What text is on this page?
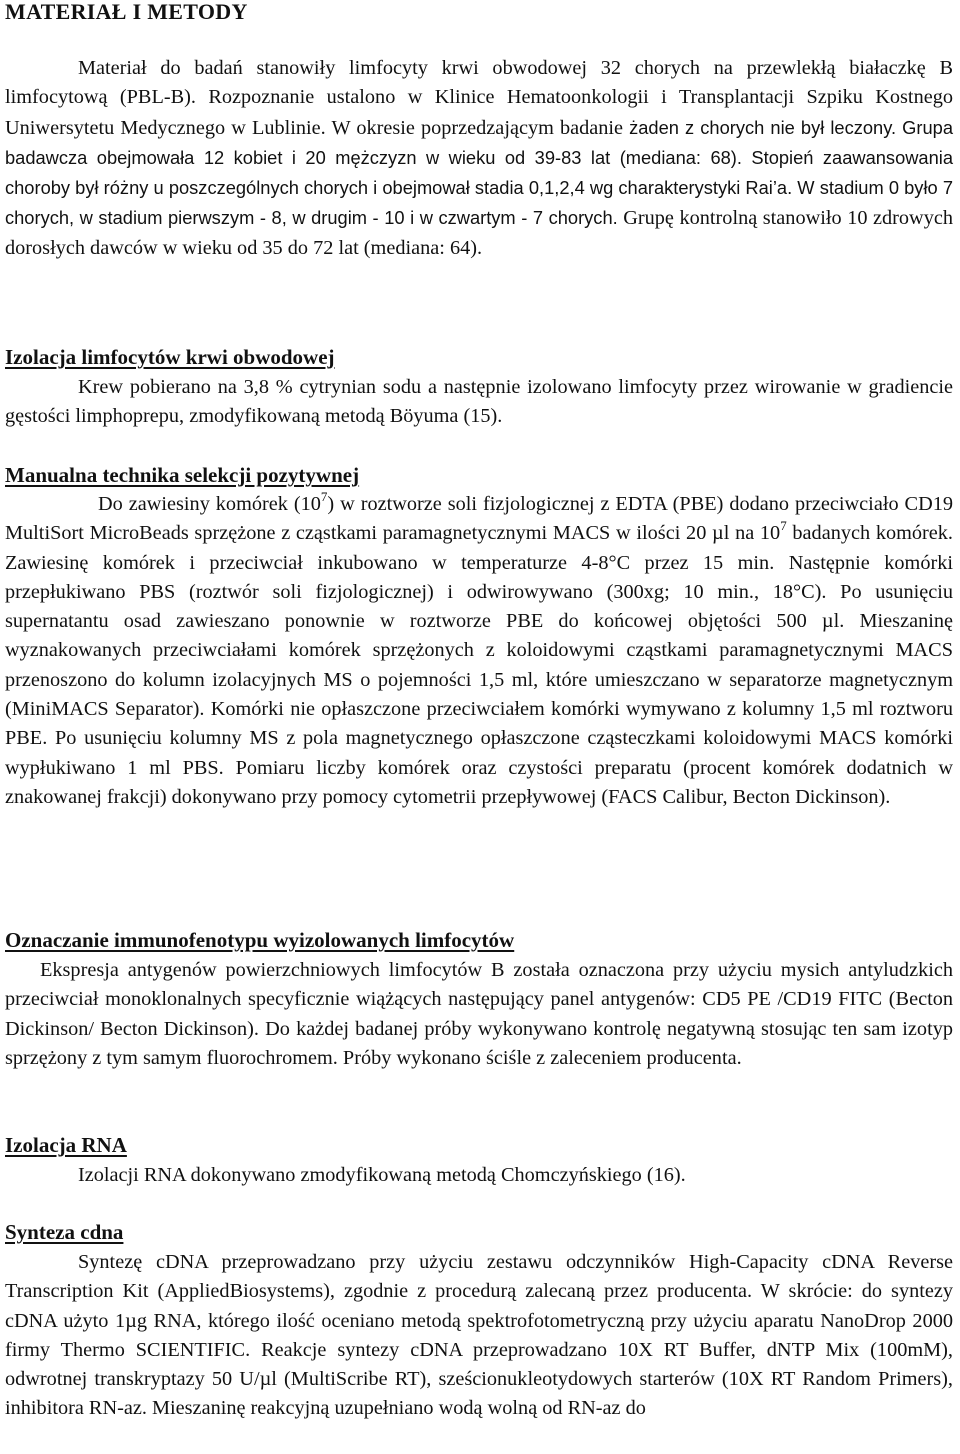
MATERIAŁ I METODY

Materiał do badań stanowiły limfocyty krwi obwodowej 32 chorych na przewlekłą białaczkę B limfocytową (PBL-B). Rozpoznanie ustalono w Klinice Hematoonkologii i Transplantacji Szpiku Kostnego Uniwersytetu Medycznego w Lublinie. W okresie poprzedzającym badanie żaden z chorych nie był leczony. Grupa badawcza obejmowała 12 kobiet i 20 mężczyzn w wieku od 39-83 lat (mediana: 68). Stopień zaawansowania choroby był różny u poszczególnych chorych i obejmował stadia 0,1,2,4 wg charakterystyki Rai’a. W stadium 0 było 7 chorych, w stadium pierwszym - 8, w drugim - 10 i w czwartym - 7 chorych. Grupę kontrolną stanowiło 10 zdrowych dorosłych dawców w wieku od 35 do 72 lat (mediana: 64).

Izolacja limfocytów krwi obwodowej

Krew pobierano na 3,8 % cytrynian sodu a następnie izolowano limfocyty przez wirowanie w gradiencie gęstości limphoprepu, zmodyfikowaną metodą Böyuma (15).

Manualna technika selekcji pozytywnej

Do zawiesiny komórek $(10^7)$ w roztworze soli fizjologicznej z EDTA (PBE) dodano przeciwciało CD19 MultiSort MicroBeads sprzężone z cząstkami paramagnetycznymi MACS w ilości 20 µl na $10^7$ badanych komórek. Zawiesinę komórek i przeciwciał inkubowano w temperaturze 4-8°C przez 15 min. Następnie komórki przepłukiwano PBS (roztwór soli fizjologicznej) i odwirowywano (300xg; 10 min., 18°C). Po usunięciu supernatantu osad zawieszano ponownie w roztworze PBE do końcowej objętości 500 µl. Mieszaninę wyznakowanych przeciwciałami komórek sprzężonych z koloidowymi cząstkami paramagnetycznymi MACS przenoszono do kolumn izolacyjnych MS o pojemności 1,5 ml, które umieszczano w separatorze magnetycznym (MiniMACS Separator). Komórki nie opłaszczone przeciwciałem komórki wymywano z kolumny 1,5 ml roztworu PBE. Po usunięciu kolumny MS z pola magnetycznego opłaszczone cząsteczkami koloidowymi MACS komórki wypłukiwano 1 ml PBS. Pomiaru liczby komórek oraz czystości preparatu (procent komórek dodatnich w znakowanej frakcji) dokonywano przy pomocy cytometrii przepływowej (FACS Calibur, Becton Dickinson).

Oznaczanie immunofenotypu wyizolowanych limfocytów

Ekspresja antygenów powierzchniowych limfocytów B została oznaczona przy użyciu mysich antyludzkich przeciwciał monoklonalnych specyficznie wiążących następujący panel antygenów: CD5 PE /CD19 FITC (Becton Dickinson/ Becton Dickinson). Do każdej badanej próby wykonywano kontrolę negatywną stosując ten sam izotyp sprzężony z tym samym fluorochromem. Próby wykonano ściśle z zaleceniem producenta.

Izolacja RNA

Izolacji RNA dokonywano zmodyfikowaną metodą Chomczyńskiego (16).

Synteza cdna

Syntezę cDNA przeprowadzano przy użyciu zestawu odczynników High-Capacity cDNA Reverse Transcription Kit (AppliedBiosystems), zgodnie z procedurą zalecaną przez producenta. W skrócie: do syntezy cDNA użyto 1µg RNA, którego ilość oceniano metodą spektrofotometryczną przy użyciu aparatu NanoDrop 2000 firmy Thermo SCIENTIFIC. Reakcje syntezy cDNA przeprowadzano 10X RT Buffer, dNTP Mix (100mM), odwrotnej transkryptazy 50 U/µl (MultiScribe RT), sześcionukleotydowych starterów (10X RT Random Primers), inhibitora RN-az. Mieszaninę reakcyjną uzupełniano wodą wolną od RN-az do
